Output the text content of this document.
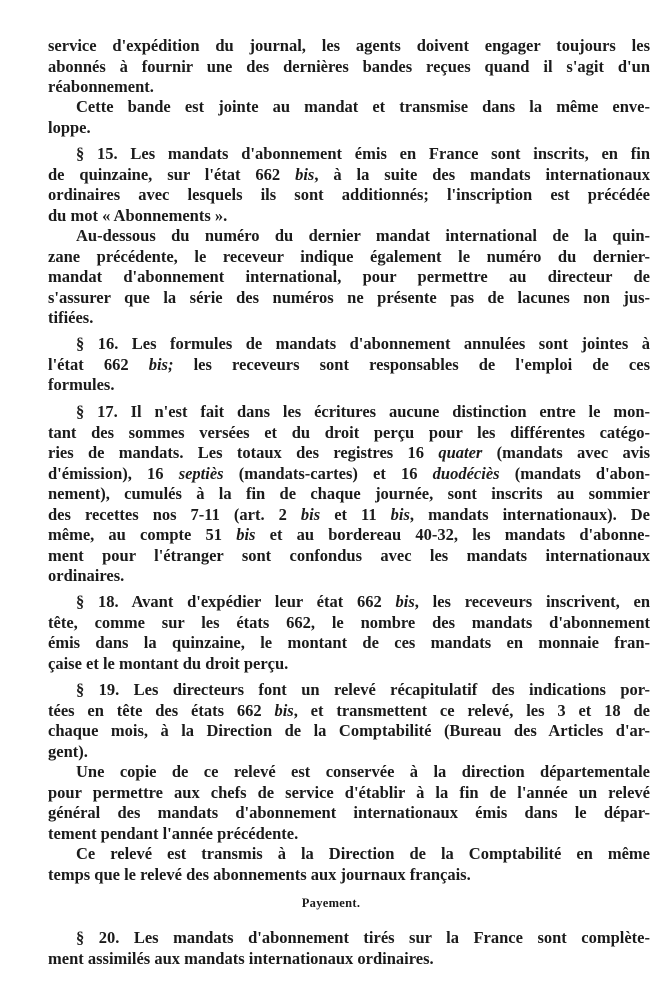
Payement.
service d'expédition du journal, les agents doivent engager toujours les
abonnés à fournir une des dernières bandes reçues quand il s'agit d'un
réabonnement.
Cette bande est jointe au mandat et transmise dans la même enve-
loppe.
§ 15. Les mandats d'abonnement émis en France sont inscrits, en fin
de quinzaine, sur l'état 662 bis, à la suite des mandats internationaux
ordinaires avec lesquels ils sont additionnés; l'inscription est précédée
du mot « Abonnements ».
Au-dessous du numéro du dernier mandat international de la quin-
zane précédente, le receveur indique également le numéro du dernier-
mandat d'abonnement international, pour permettre au directeur de
s'assurer que la série des numéros ne présente pas de lacunes non jus-
tifiées.
§ 16. Les formules de mandats d'abonnement annulées sont jointes à
l'état 662 bis; les receveurs sont responsables de l'emploi de ces
formules.
§ 17. Il n'est fait dans les écritures aucune distinction entre le mon-
tant des sommes versées et du droit perçu pour les différentes catégo-
ries de mandats. Les totaux des registres 16 quater (mandats avec avis
d'émission), 16 septiès (mandats-cartes) et 16 duodéciès (mandats d'abon-
nement), cumulés à la fin de chaque journée, sont inscrits au sommier
des recettes nos 7-11 (art. 2 bis et 11 bis, mandats internationaux). De
même, au compte 51 bis et au bordereau 40-32, les mandats d'abonne-
ment pour l'étranger sont confondus avec les mandats internationaux
ordinaires.
§ 18. Avant d'expédier leur état 662 bis, les receveurs inscrivent, en
tête, comme sur les états 662, le nombre des mandats d'abonnement
émis dans la quinzaine, le montant de ces mandats en monnaie fran-
çaise et le montant du droit perçu.
§ 19. Les directeurs font un relevé récapitulatif des indications por-
tées en tête des états 662 bis, et transmettent ce relevé, les 3 et 18 de
chaque mois, à la Direction de la Comptabilité (Bureau des Articles d'ar-
gent).
Une copie de ce relevé est conservée à la direction départementale
pour permettre aux chefs de service d'établir à la fin de l'année un relevé
général des mandats d'abonnement internationaux émis dans le dépar-
tement pendant l'année précédente.
Ce relevé est transmis à la Direction de la Comptabilité en même
temps que le relevé des abonnements aux journaux français.
§ 20. Les mandats d'abonnement tirés sur la France sont complète-
ment assimilés aux mandats internationaux ordinaires.
